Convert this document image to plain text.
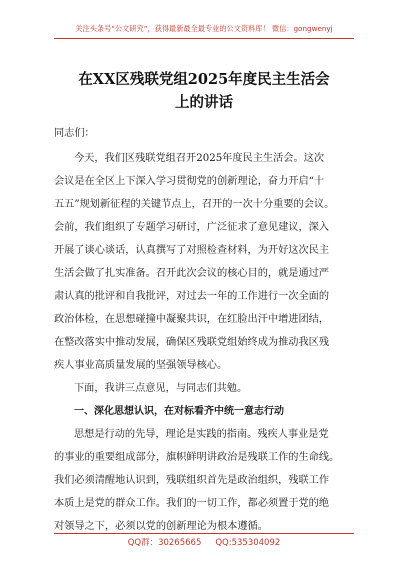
关注头条号“公文研究”，获得最新最全最专业的公文资料库！ 微信：gongwenyj
在XX区残联党组2025年度民主生活会
上的讲话
同志们：
今天，我们区残联党组召开2025年度民主生活会。这次
会议是在全区上下深入学习贯彻党的创新理论，奋力开启“十
五五”规划新征程的关键节点上，召开的一次十分重要的会议。
会前，我们组织了专题学习研讨，广泛征求了意见建议，深入
开展了谈心谈话，认真撰写了对照检查材料，为开好这次民主
生活会做了扎实准备。召开此次会议的核心目的，就是通过严
肃认真的批评和自我批评，对过去一年的工作进行一次全面的
政治体检，在思想碰撞中凝聚共识，在红脸出汗中增进团结，
在整改落实中推动发展，确保区残联党组始终成为推动我区残
疾人事业高质量发展的坚强领导核心。
下面，我讲三点意见，与同志们共勉。
一、深化思想认识，在对标看齐中统一意志行动
思想是行动的先导，理论是实践的指南。残疾人事业是党
的事业的重要组成部分，旗帜鲜明讲政治是残联工作的生命线。
我们必须清醒地认识到，残联组织首先是政治组织，残联工作
本质上是党的群众工作。我们的一切工作，都必须置于党的绝
对领导之下，必须以党的创新理论为根本遵循。
QQ群：30265665 QQ:535304092
